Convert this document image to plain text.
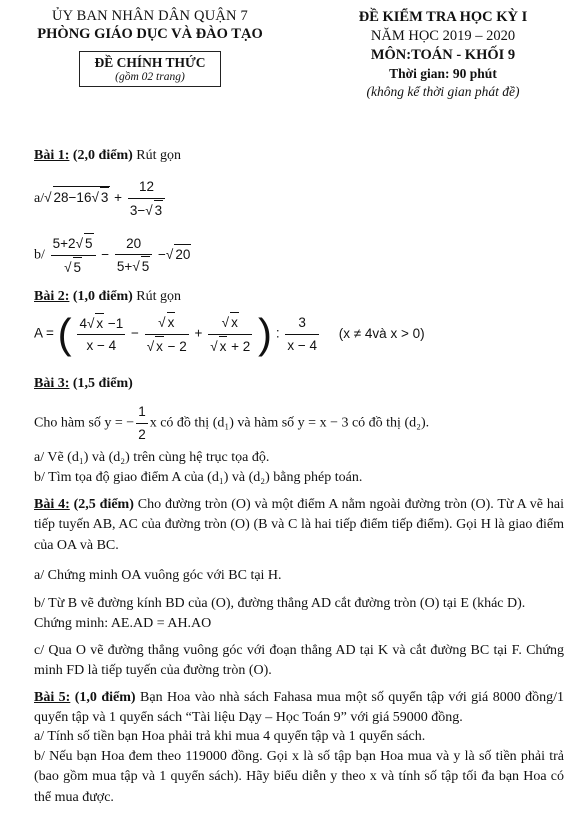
ỦY BAN NHÂN DÂN QUẬN 7
PHÒNG GIÁO DỤC VÀ ĐÀO TẠO
ĐỀ CHÍNH THỨC
(gồm 02 trang)
ĐỀ KIỂM TRA HỌC KỲ I
NĂM HỌC 2019 – 2020
MÔN:TOÁN - KHỐI 9
Thời gian: 90 phút
(không kể thời gian phát đề)
Bài 1: (2,0 điểm) Rút gọn
a/ √ 28−16 √ $3 + \frac{12}{3- √ 3}$
b/ 5+2 √ 5
√ $5 - \frac{20}{5+ √ 5}$ − √ 20
Bài 2: (1,0 điểm) Rút gọn
A = ( $\frac{4 √ x -1}{x - 4}$ − √ x
√ x − 2 + √ x
√ x + 2 ) : $\frac{3}{x - 4} (x$ ≠ 4và x > 0)
Bài 3: (1,5 điểm)
Cho hàm số y = − $\frac{1}{2}$ x có đồ thị (d₁) và hàm số y = x − 3 có đồ thị (d₂).
a/ Vẽ (d₁) và (d₂) trên cùng hệ trục tọa độ.
b/ Tìm tọa độ giao điểm A của (d₁) và (d₂) bằng phép toán.
Bài 4: (2,5 điểm) Cho đường tròn (O) và một điểm A nằm ngoài đường tròn (O). Từ A vẽ hai tiếp tuyến AB, AC của đường tròn (O) (B và C là hai tiếp điểm tiếp điểm). Gọi H là giao điểm của OA và BC.
a/ Chứng minh OA vuông góc với BC tại H.
b/ Từ B vẽ đường kính BD của (O), đường thẳng AD cắt đường tròn (O) tại E (khác D).
Chứng minh: AE.AD = AH.AO
c/ Qua O vẽ đường thẳng vuông góc với đoạn thẳng AD tại K và cắt đường BC tại F. Chứng minh FD là tiếp tuyến của đường tròn (O).
Bài 5: (1,0 điểm) Bạn Hoa vào nhà sách Fahasa mua một số quyển tập với giá 8000 đồng/1 quyển tập và 1 quyển sách “Tài liệu Dạy – Học Toán 9” với giá 59000 đồng.
a/ Tính số tiền bạn Hoa phải trả khi mua 4 quyển tập và 1 quyển sách.
b/ Nếu bạn Hoa đem theo 119000 đồng. Gọi x là số tập bạn Hoa mua và y là số tiền phải trả (bao gồm mua tập và 1 quyển sách). Hãy biểu diễn y theo x và tính số tập tối đa bạn Hoa có thể mua được.
